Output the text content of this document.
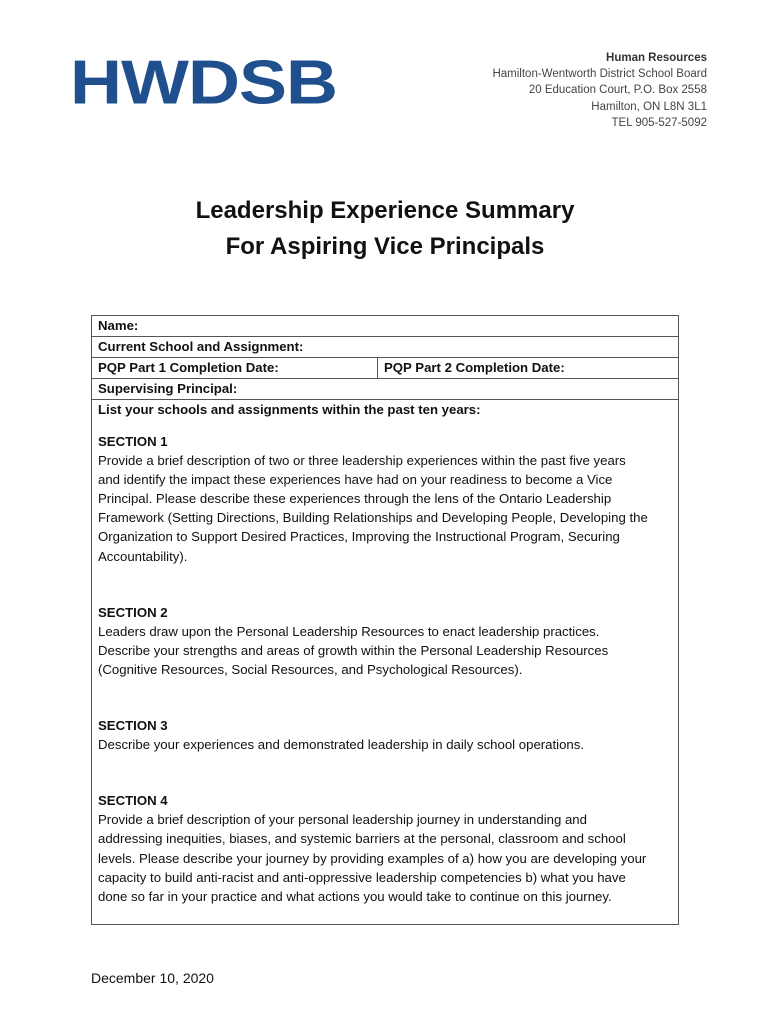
HWDSB	Human Resources
Hamilton-Wentworth District School Board
20 Education Court, P.O. Box 2558
Hamilton, ON L8N 3L1
TEL 905-527-5092
Leadership Experience Summary
For Aspiring Vice Principals
Name:
Current School and Assignment:
PQP Part 1 Completion Date:	PQP Part 2 Completion Date:
Supervising Principal:
List your schools and assignments within the past ten years:
SECTION 1
Provide a brief description of two or three leadership experiences within the past five years
and identify the impact these experiences have had on your readiness to become a Vice
Principal. Please describe these experiences through the lens of the Ontario Leadership
Framework (Setting Directions, Building Relationships and Developing People, Developing the
Organization to Support Desired Practices, Improving the Instructional Program, Securing
Accountability).
SECTION 2
Leaders draw upon the Personal Leadership Resources to enact leadership practices.
Describe your strengths and areas of growth within the Personal Leadership Resources
(Cognitive Resources, Social Resources, and Psychological Resources).
SECTION 3
Describe your experiences and demonstrated leadership in daily school operations.
SECTION 4
Provide a brief description of your personal leadership journey in understanding and
addressing inequities, biases, and systemic barriers at the personal, classroom and school
levels. Please describe your journey by providing examples of a) how you are developing your
capacity to build anti-racist and anti-oppressive leadership competencies b) what you have
done so far in your practice and what actions you would take to continue on this journey.
December 10, 2020
